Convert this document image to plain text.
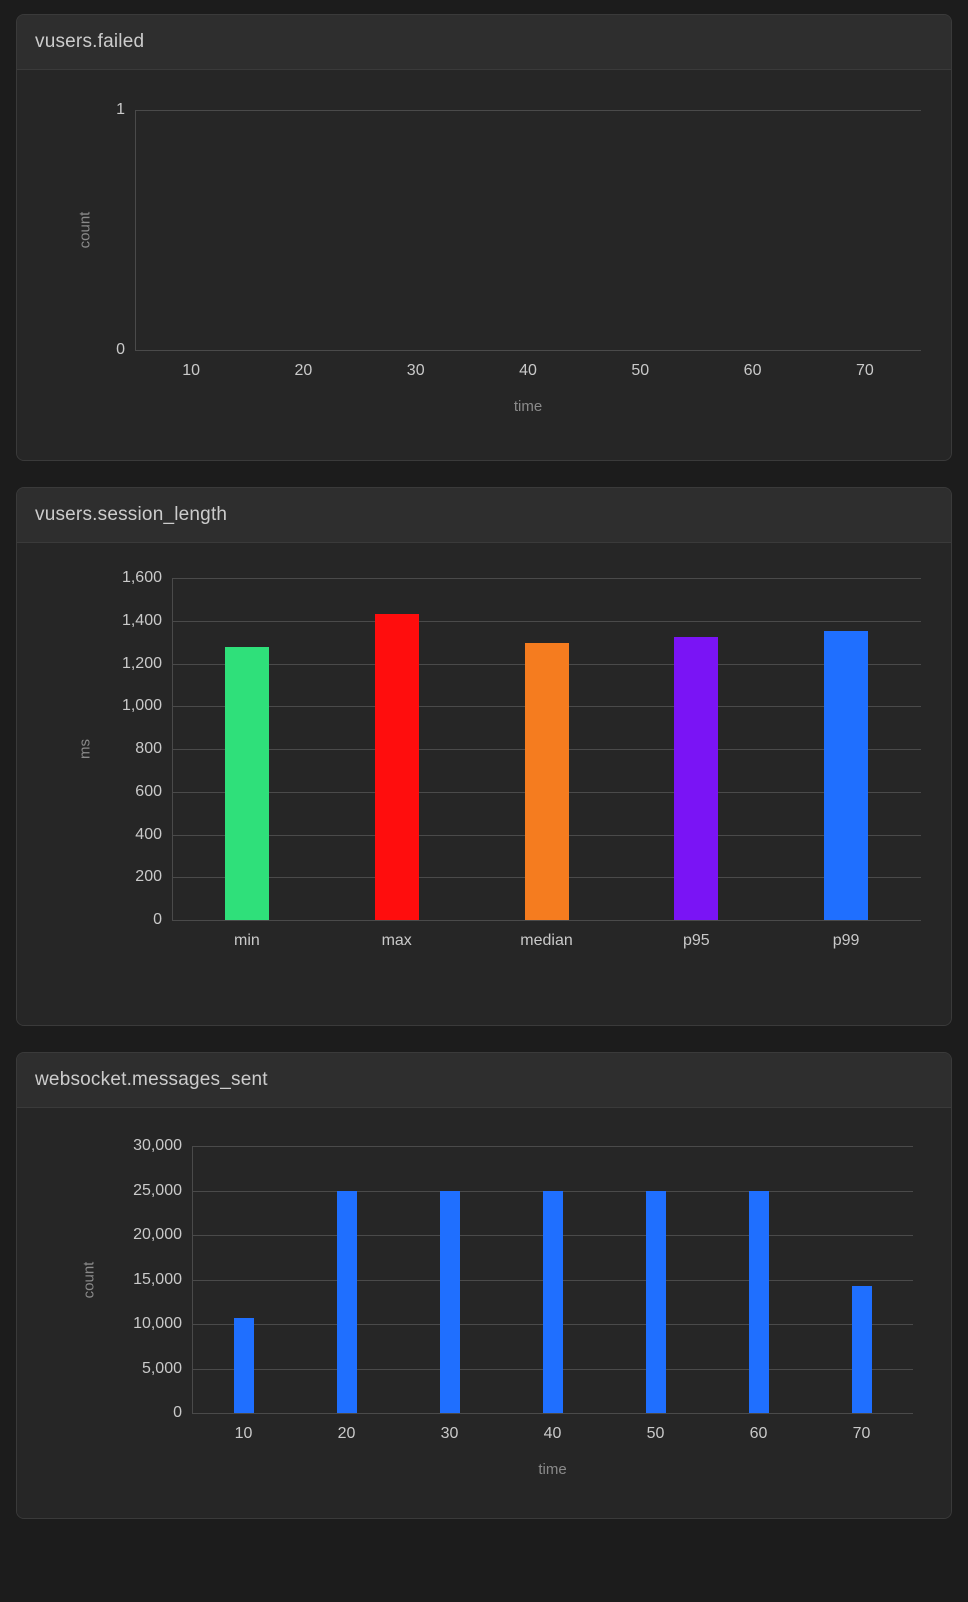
vusers.failed
0
1
10	20	30	40	50	60	70
time
count
vusers.session_length
0
200
400
600
800
1,000
1,200
1,400
1,600
min	max	median	p95	p99
ms
websocket.messages_sent
0
5,000
10,000
15,000
20,000
25,000
30,000
10	20	30	40	50	60	70
time
count
